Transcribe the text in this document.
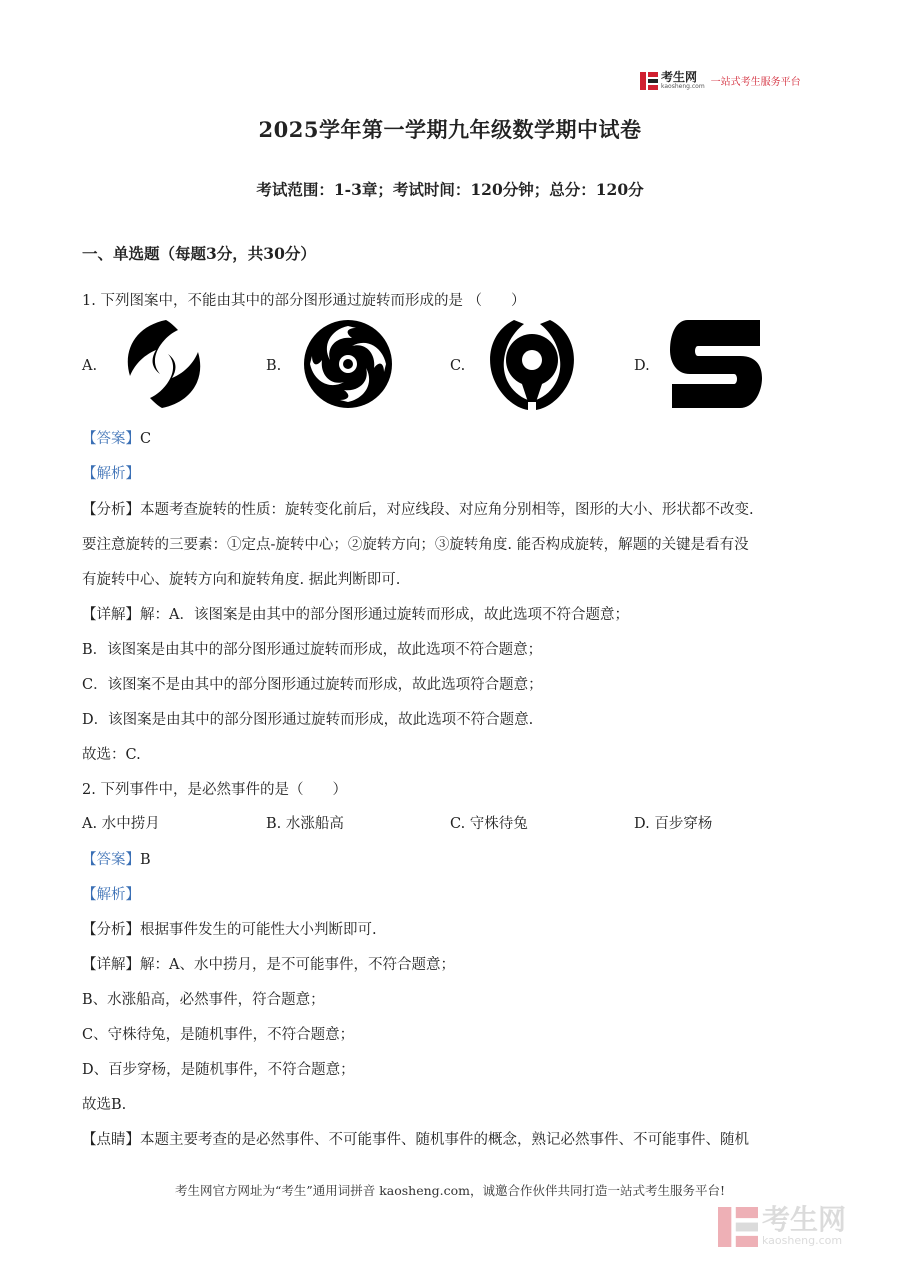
考生网
kaosheng.com 一站式考生服务平台
2025学年第一学期九年级数学期中试卷
考试范围：1-3章；考试时间：120分钟；总分：120分
一、单选题（每题3分，共30分）
1. 下列图案中，不能由其中的部分图形通过旋转而形成的是 （　　）
A.	B.	C.	D.
【答案】C
【解析】
【分析】本题考查旋转的性质：旋转变化前后，对应线段、对应角分别相等，图形的大小、形状都不改变.
要注意旋转的三要素：①定点-旋转中心；②旋转方向；③旋转角度. 能否构成旋转，解题的关键是看有没
有旋转中心、旋转方向和旋转角度. 据此判断即可.
【详解】解：A．该图案是由其中的部分图形通过旋转而形成，故此选项不符合题意；
B．该图案是由其中的部分图形通过旋转而形成，故此选项不符合题意；
C．该图案不是由其中的部分图形通过旋转而形成，故此选项符合题意；
D．该图案是由其中的部分图形通过旋转而形成，故此选项不符合题意.
故选：C.
2. 下列事件中，是必然事件的是（　　）
A. 水中捞月	B. 水涨船高	C. 守株待兔	D. 百步穿杨
【答案】B
【解析】
【分析】根据事件发生的可能性大小判断即可.
【详解】解：A、水中捞月，是不可能事件，不符合题意；
B、水涨船高，必然事件，符合题意；
C、守株待兔，是随机事件，不符合题意；
D、百步穿杨，是随机事件，不符合题意；
故选B.
【点睛】本题主要考查的是必然事件、不可能事件、随机事件的概念，熟记必然事件、不可能事件、随机
考生网官方网址为“考生”通用词拼音 kaosheng.com，诚邀合作伙伴共同打造一站式考生服务平台!
考生网
kaosheng.com
